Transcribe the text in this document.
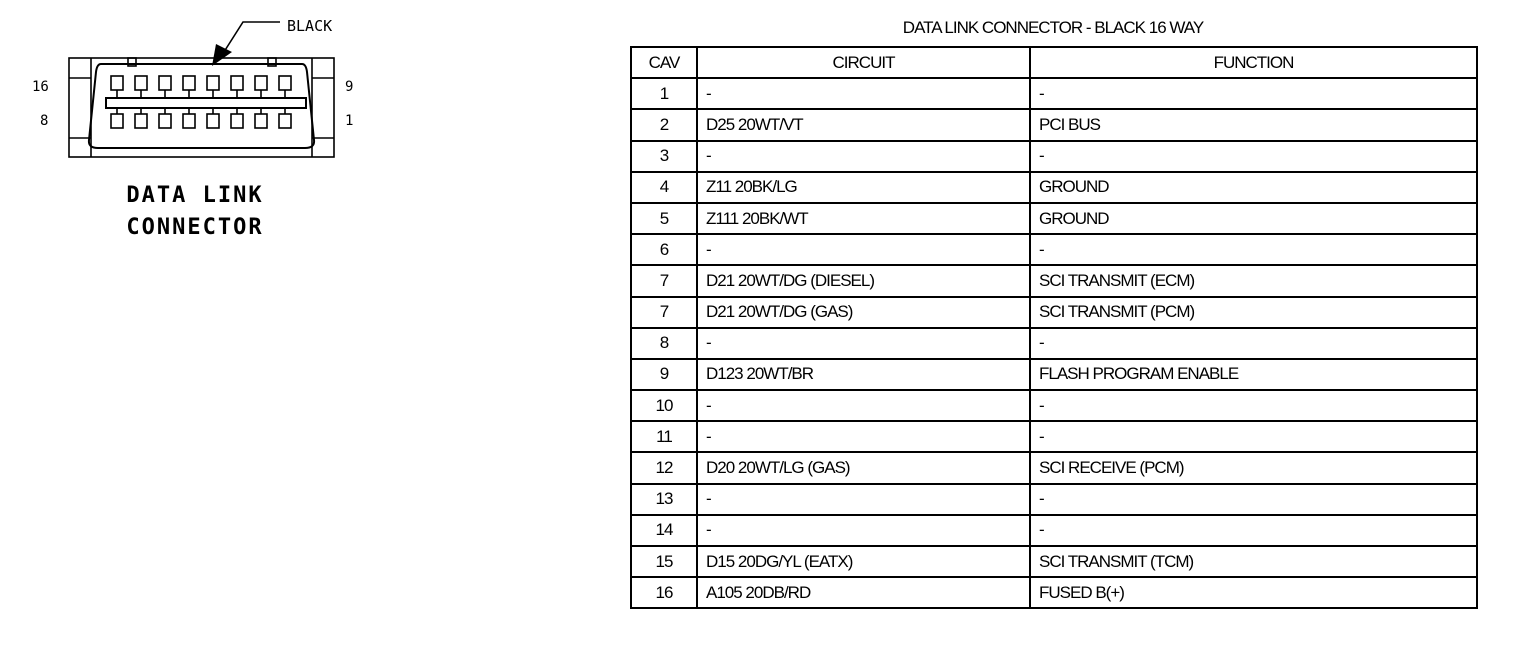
BLACK
16
8
9
1
DATA LINK
CONNECTOR
DATA LINK CONNECTOR - BLACK 16 WAY
CAV	CIRCUIT	FUNCTION
1	-	-
2	D25 20WT/VT	PCI BUS
3	-	-
4	Z11 20BK/LG	GROUND
5	Z111 20BK/WT	GROUND
6	-	-
7	D21 20WT/DG (DIESEL)	SCI TRANSMIT (ECM)
7	D21 20WT/DG (GAS)	SCI TRANSMIT (PCM)
8	-	-
9	D123 20WT/BR	FLASH PROGRAM ENABLE
10	-	-
11	-	-
12	D20 20WT/LG (GAS)	SCI RECEIVE (PCM)
13	-	-
14	-	-
15	D15 20DG/YL (EATX)	SCI TRANSMIT (TCM)
16	A105 20DB/RD	FUSED B(+)
